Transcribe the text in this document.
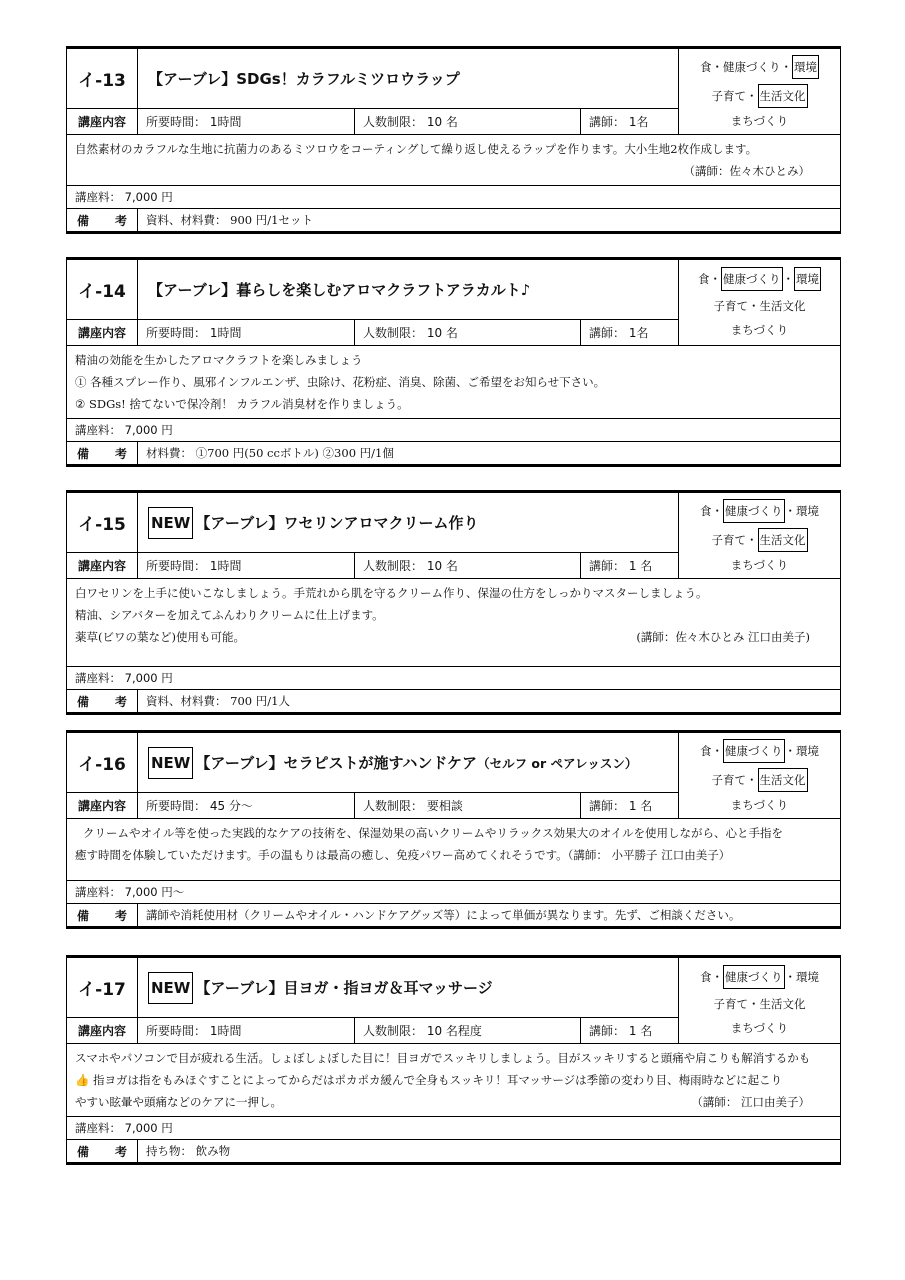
イ-13	【アーブレ】SDGs！カラフルミツロウラップ
講座内容	所要時間： 1時間	人数制限： 10 名	講師： 1名
食 ・ 健康づくり ・ 環境
子育て ・ 生活文化
まちづくり

自然素材のカラフルな生地に抗菌力のあるミツロウをコーティングして繰り返し使えるラップを作ります。大小生地2枚作成します。

（講師：佐々木ひとみ）

講座料：
7,000 円
備 考	資料、材料費： 900 円/1セット
イ-14	【アーブレ】暮らしを楽しむアロマクラフトアラカルト♪
講座内容	所要時間： 1時間	人数制限： 10 名	講師： 1名
食 ・ 健康づくり ・ 環境
子育て ・ 生活文化
まちづくり

精油の効能を生かしたアロマクラフトを楽しみましょう

① 各種スプレー作り、風邪インフルエンザ、虫除け、花粉症、消臭、除菌、ご希望をお知らせ下さい。

② SDGs! 捨てないで保冷剤！ カラフル消臭材を作りましょう。

講座料：
7,000 円
備 考	材料費： ①700 円(50 ccボトル) ②300 円/1個
イ-15	NEW 【アーブレ】ワセリンアロマクリーム作り
講座内容	所要時間： 1時間	人数制限： 10 名	講師： 1 名
食 ・ 健康づくり ・ 環境
子育て ・ 生活文化
まちづくり

白ワセリンを上手に使いこなしましょう。手荒れから肌を守るクリーム作り、保湿の仕方をしっかりマスターしましょう。

精油、シアバターを加えてふんわりクリームに仕上げます。

薬草(ビワの葉など)使用も可能。	(講師：佐々木ひとみ 江口由美子)

講座料：
7,000 円
備 考	資料、材料費： 700 円/1人
イ-16	NEW 【アーブレ】セラピストが施すハンドケア （セルフ or ペアレッスン）
講座内容	所要時間： 45 分～	人数制限： 要相談	講師： 1 名
食 ・ 健康づくり ・ 環境
子育て ・ 生活文化
まちづくり

クリームやオイル等を使った実践的なケアの技術を、保湿効果の高いクリームやリラックス効果大のオイルを使用しながら、心と手指を

癒す時間を体験していただけます。手の温もりは最高の癒し、免疫パワー高めてくれそうです。（講師： 小平勝子 江口由美子）

講座料：
7,000 円～
備 考	講師や消耗使用材（クリームやオイル・ハンドケアグッズ等）によって単価が異なります。先ず、ご相談ください。
イ-17	NEW 【アーブレ】目ヨガ・指ヨガ＆耳マッサージ
講座内容	所要時間： 1時間	人数制限： 10 名程度	講師： 1 名
食 ・ 健康づくり ・ 環境
子育て ・ 生活文化
まちづくり

スマホやパソコンで目が疲れる生活。しょぼしょぼした目に！目ヨガでスッキリしましょう。目がスッキリすると頭痛や肩こりも解消するかも

👍 指ヨガは指をもみほぐすことによってからだはポカポカ緩んで全身もスッキリ！耳マッサージは季節の変わり目、梅雨時などに起こり

やすい眩暈や頭痛などのケアに一押し。	（講師： 江口由美子）

講座料：
7,000 円
備 考	持ち物： 飲み物
